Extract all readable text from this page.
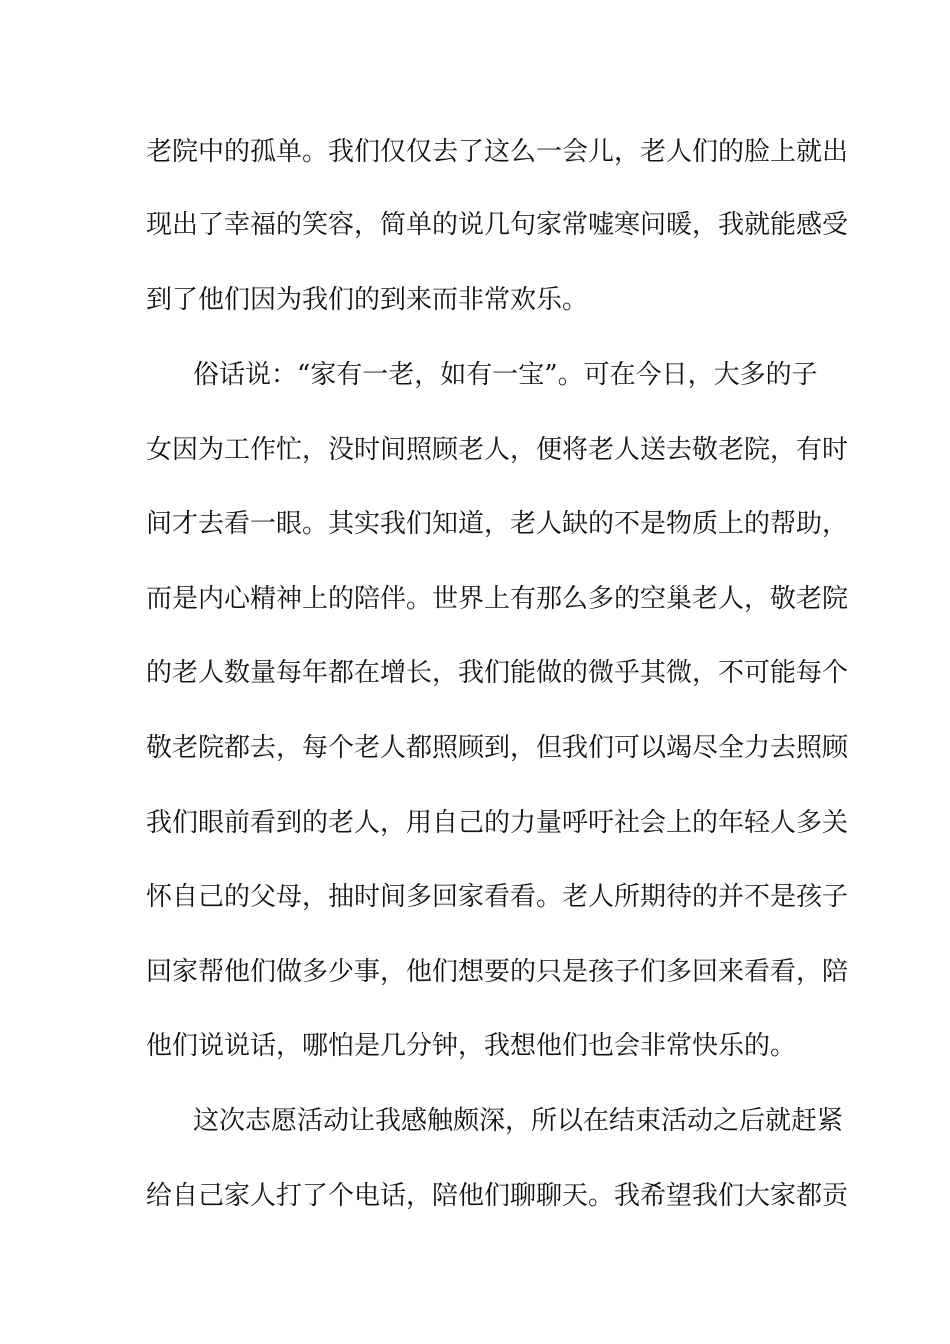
老院中的孤单。我们仅仅去了这么一会儿，老人们的脸上就出
现出了幸福的笑容，简单的说几句家常嘘寒问暖，我就能感受
到了他们因为我们的到来而非常欢乐。
俗话说：“家有一老，如有一宝”。可在今日，大多的子
女因为工作忙，没时间照顾老人，便将老人送去敬老院，有时
间才去看一眼。其实我们知道，老人缺的不是物质上的帮助，
而是内心精神上的陪伴。世界上有那么多的空巢老人，敬老院
的老人数量每年都在增长，我们能做的微乎其微，不可能每个
敬老院都去，每个老人都照顾到，但我们可以竭尽全力去照顾
我们眼前看到的老人，用自己的力量呼吁社会上的年轻人多关
怀自己的父母，抽时间多回家看看。老人所期待的并不是孩子
回家帮他们做多少事，他们想要的只是孩子们多回来看看，陪
他们说说话，哪怕是几分钟，我想他们也会非常快乐的。
这次志愿活动让我感触颇深，所以在结束活动之后就赶紧
给自己家人打了个电话，陪他们聊聊天。我希望我们大家都贡
